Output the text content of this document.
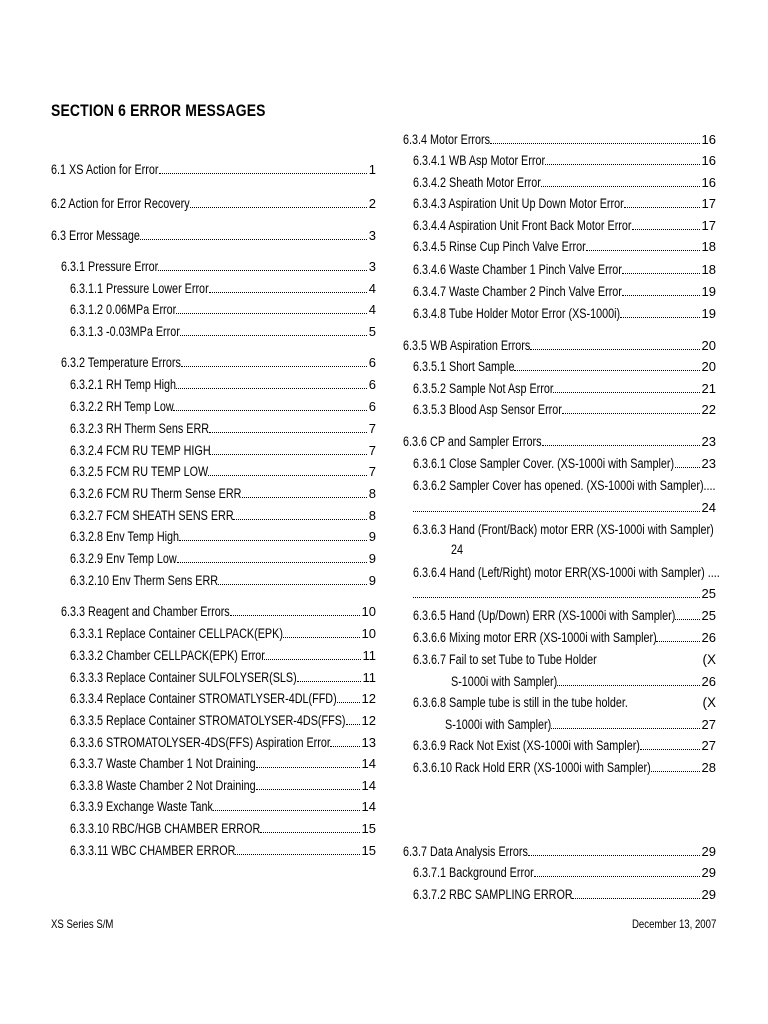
SECTION 6 ERROR MESSAGES
6.1 XS Action for Error	1
6.2 Action for Error Recovery	2
6.3 Error Message	3
6.3.1 Pressure Error	3
6.3.1.1 Pressure Lower Error	4
6.3.1.2 0.06MPa Error	4
6.3.1.3 -0.03MPa Error	5
6.3.2 Temperature Errors	6
6.3.2.1 RH Temp High	6
6.3.2.2 RH Temp Low	6
6.3.2.3 RH Therm Sens ERR	7
6.3.2.4 FCM RU TEMP HIGH	7
6.3.2.5 FCM RU TEMP LOW	7
6.3.2.6 FCM RU Therm Sense ERR	8
6.3.2.7 FCM SHEATH SENS ERR	8
6.3.2.8 Env Temp High	9
6.3.2.9 Env Temp Low	9
6.3.2.10 Env Therm Sens ERR	9
6.3.3 Reagent and Chamber Errors	10
6.3.3.1 Replace Container CELLPACK(EPK)	10
6.3.3.2 Chamber CELLPACK(EPK) Error	11
6.3.3.3 Replace Container SULFOLYSER(SLS)	11
6.3.3.4 Replace Container STROMATLYSER-4DL(FFD) 12
6.3.3.5 Replace Container STROMATOLYSER-4DS(FFS) 12
6.3.3.6 STROMATOLYSER-4DS(FFS) Aspiration Error 13
6.3.3.7 Waste Chamber 1 Not Draining	14
6.3.3.8 Waste Chamber 2 Not Draining	14
6.3.3.9 Exchange Waste Tank	14
6.3.3.10 RBC/HGB CHAMBER ERROR	15
6.3.3.11 WBC CHAMBER ERROR	15
6.3.4 Motor Errors	16
6.3.4.1 WB Asp Motor Error	16
6.3.4.2 Sheath Motor Error	16
6.3.4.3 Aspiration Unit Up Down Motor Error	17
6.3.4.4 Aspiration Unit Front Back Motor Error	17
6.3.4.5 Rinse Cup Pinch Valve Error	18
6.3.4.6 Waste Chamber 1 Pinch Valve Error	18
6.3.4.7 Waste Chamber 2 Pinch Valve Error	19
6.3.4.8 Tube Holder Motor Error (XS-1000i)	19
6.3.5 WB Aspiration Errors	20
6.3.5.1 Short Sample	20
6.3.5.2 Sample Not Asp Error	21
6.3.5.3 Blood Asp Sensor Error	22
6.3.6 CP and Sampler Errors	23
6.3.6.1 Close Sampler Cover. (XS-1000i with Sampler) 23
6.3.6.2 Sampler Cover has opened. (XS-1000i with Sampler)....
24
6.3.6.3 Hand (Front/Back) motor ERR (XS-1000i with Sampler)
24
6.3.6.4 Hand (Left/Right) motor ERR(XS-1000i with Sampler) ....
25
6.3.6.5 Hand (Up/Down) ERR (XS-1000i with Sampler) 25
6.3.6.6 Mixing motor ERR (XS-1000i with Sampler)	26
6.3.6.7 Fail to set Tube to Tube Holder	(X
S-1000i with Sampler)	26
6.3.6.8 Sample tube is still in the tube holder.	(X
S-1000i with Sampler)	27
6.3.6.9 Rack Not Exist (XS-1000i with Sampler)	27
6.3.6.10 Rack Hold ERR (XS-1000i with Sampler)	28
6.3.7 Data Analysis Errors	29
6.3.7.1 Background Error	29
6.3.7.2 RBC SAMPLING ERROR	29
XS Series S/M	December 13, 2007
